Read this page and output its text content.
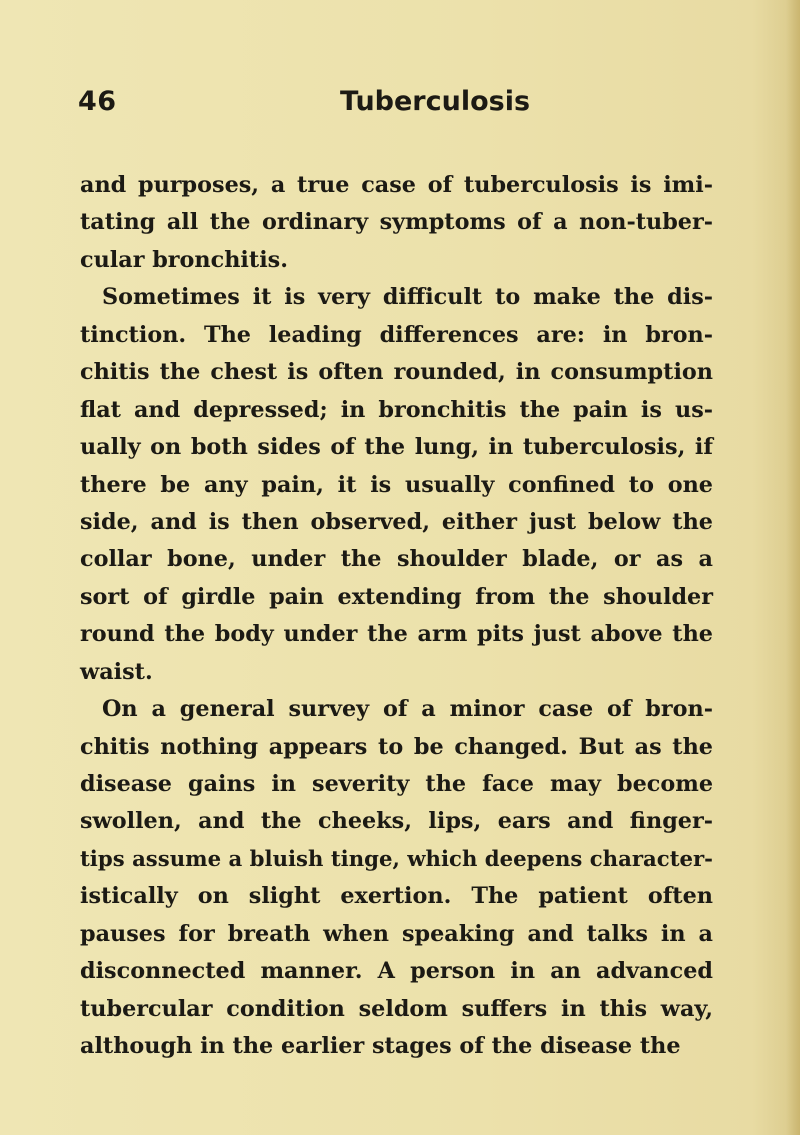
46	Tuberculosis
and purposes, a true case of tuberculosis is imi-
tating all the ordinary symptoms of a non-tuber-
cular bronchitis.
Sometimes it is very difficult to make the dis-
tinction. The leading differences are: in bron-
chitis the chest is often rounded, in consumption
flat and depressed; in bronchitis the pain is us-
ually on both sides of the lung, in tuberculosis, if
there be any pain, it is usually confined to one
side, and is then observed, either just below the
collar bone, under the shoulder blade, or as a
sort of girdle pain extending from the shoulder
round the body under the arm pits just above the
waist.
On a general survey of a minor case of bron-
chitis nothing appears to be changed. But as the
disease gains in severity the face may become
swollen, and the cheeks, lips, ears and finger-
tips assume a bluish tinge, which deepens character-
istically on slight exertion. The patient often
pauses for breath when speaking and talks in a
disconnected manner. A person in an advanced
tubercular condition seldom suffers in this way,
although in the earlier stages of the disease the
